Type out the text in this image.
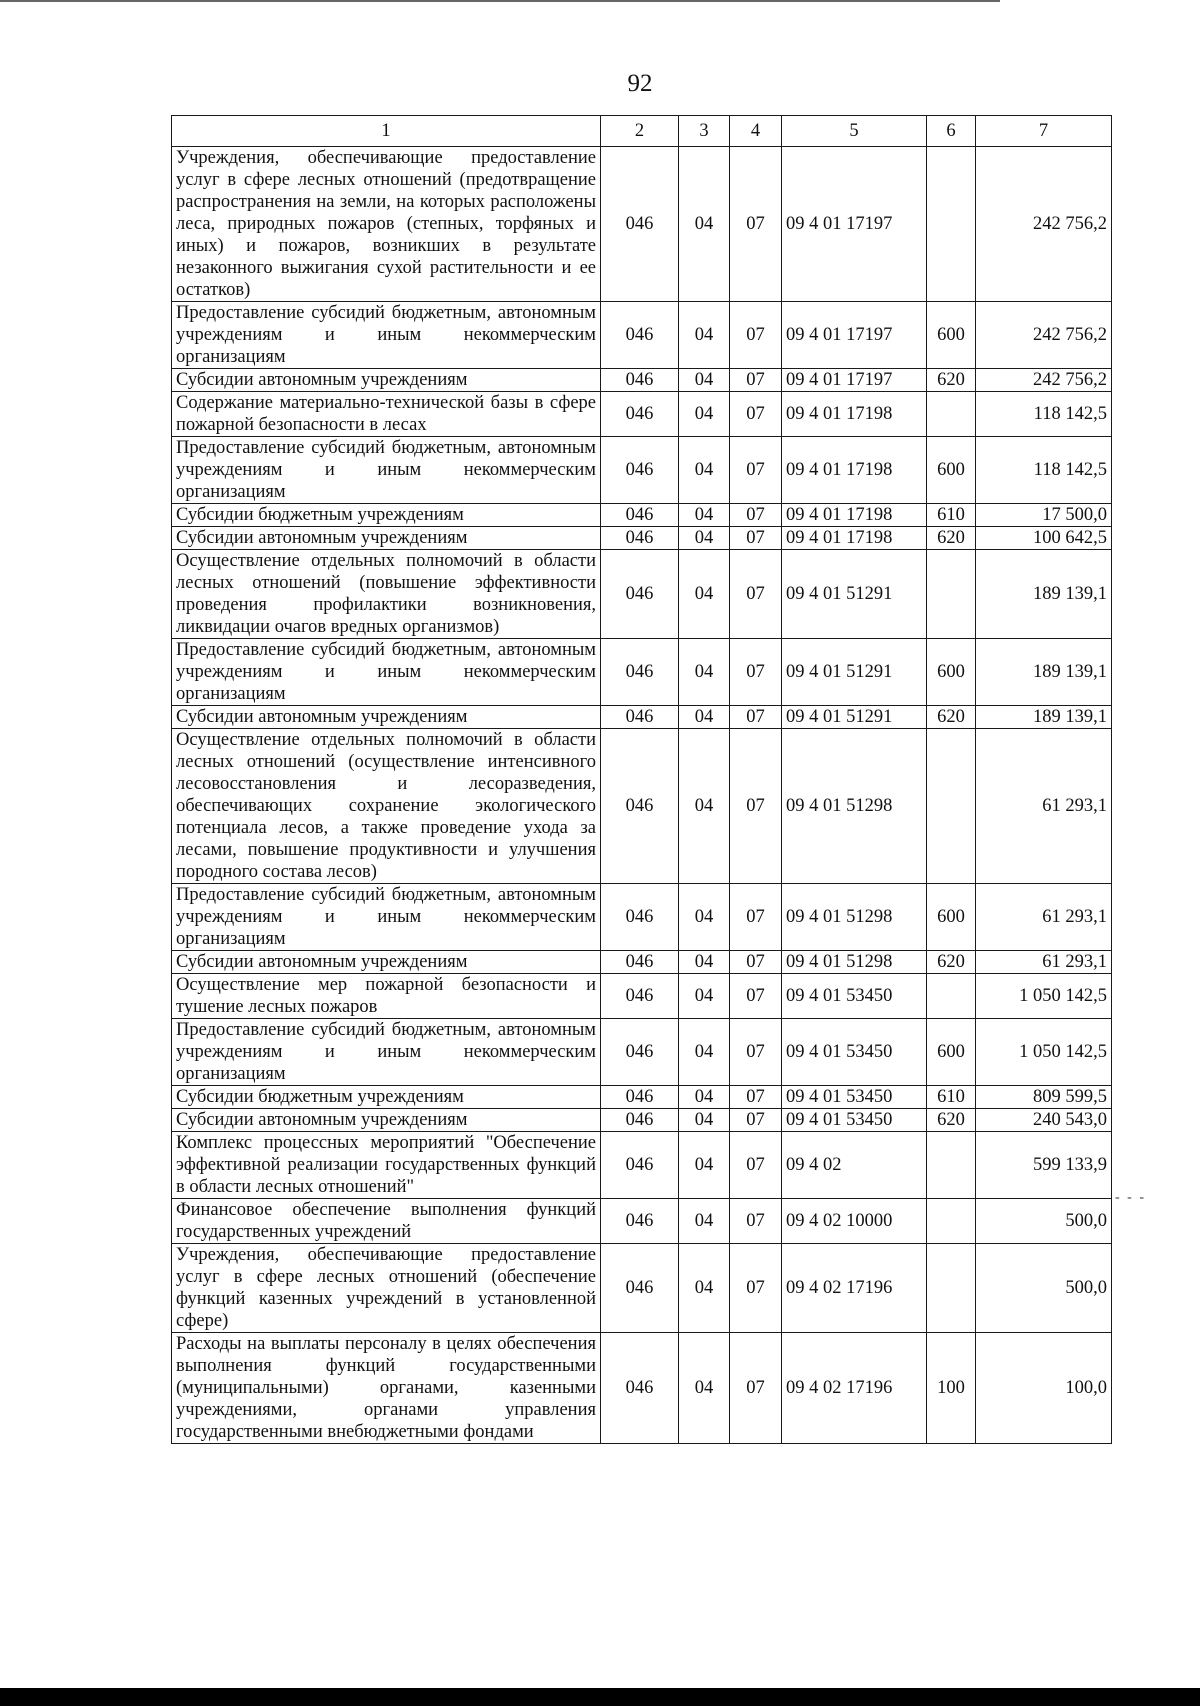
92
1	2	3	4	5	6	7
Учреждения, обеспечивающие предоставление услуг в сфере лесных отношений (предотвращение распространения на земли, на которых расположены леса, природных пожаров (степных, торфяных и иных) и пожаров, возникших в результате незаконного выжигания сухой растительности и ее остатков)	046	04	07	09 4 01 17197		242 756,2
Предоставление субсидий бюджетным, автономным учреждениям и иным некоммерческим организациям	046	04	07	09 4 01 17197	600	242 756,2
Субсидии автономным учреждениям	046	04	07	09 4 01 17197	620	242 756,2
Содержание материально-технической базы в сфере пожарной безопасности в лесах	046	04	07	09 4 01 17198		118 142,5
Предоставление субсидий бюджетным, автономным учреждениям и иным некоммерческим организациям	046	04	07	09 4 01 17198	600	118 142,5
Субсидии бюджетным учреждениям	046	04	07	09 4 01 17198	610	17 500,0
Субсидии автономным учреждениям	046	04	07	09 4 01 17198	620	100 642,5
Осуществление отдельных полномочий в области лесных отношений (повышение эффективности проведения профилактики возникновения, ликвидации очагов вредных организмов)	046	04	07	09 4 01 51291		189 139,1
Предоставление субсидий бюджетным, автономным учреждениям и иным некоммерческим организациям	046	04	07	09 4 01 51291	600	189 139,1
Субсидии автономным учреждениям	046	04	07	09 4 01 51291	620	189 139,1
Осуществление отдельных полномочий в области лесных отношений (осуществление интенсивного лесовосстановления и лесоразведения, обеспечивающих сохранение экологического потенциала лесов, а также проведение ухода за лесами, повышение продуктивности и улучшения породного состава лесов)	046	04	07	09 4 01 51298		61 293,1
Предоставление субсидий бюджетным, автономным учреждениям и иным некоммерческим организациям	046	04	07	09 4 01 51298	600	61 293,1
Субсидии автономным учреждениям	046	04	07	09 4 01 51298	620	61 293,1
Осуществление мер пожарной безопасности и тушение лесных пожаров	046	04	07	09 4 01 53450		1 050 142,5
Предоставление субсидий бюджетным, автономным учреждениям и иным некоммерческим организациям	046	04	07	09 4 01 53450	600	1 050 142,5
Субсидии бюджетным учреждениям	046	04	07	09 4 01 53450	610	809 599,5
Субсидии автономным учреждениям	046	04	07	09 4 01 53450	620	240 543,0
Комплекс процессных мероприятий "Обеспечение эффективной реализации государственных функций в области лесных отношений"	046	04	07	09 4 02		599 133,9
Финансовое обеспечение выполнения функций государственных учреждений	046	04	07	09 4 02 10000		500,0
Учреждения, обеспечивающие предоставление услуг в сфере лесных отношений (обеспечение функций казенных учреждений в установленной сфере)	046	04	07	09 4 02 17196		500,0
Расходы на выплаты персоналу в целях обеспечения выполнения функций государственными (муниципальными) органами, казенными учреждениями, органами управления государственными внебюджетными фондами	046	04	07	09 4 02 17196	100	100,0
- - -
